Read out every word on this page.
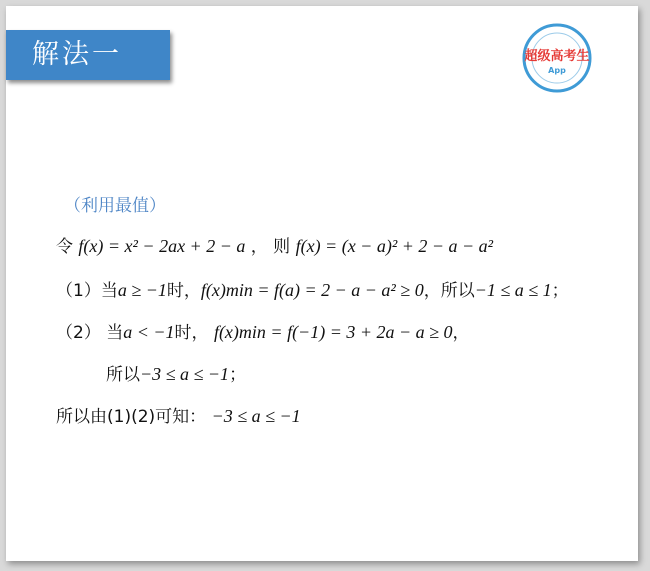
解法一	超级高考生
App
（利用最值）
令 f(x) = x² − 2ax + 2 − a ， 则 f(x) = (x − a)² + 2 − a − a²
（1）当a ≥ −1时，f(x)min = f(a) = 2 − a − a² ≥ 0，所以−1 ≤ a ≤ 1；
（2） 当a < −1时， f(x)min = f(−1) = 3 + 2a − a ≥ 0，
所以−3 ≤ a ≤ −1；
所以由(1)(2)可知： −3 ≤ a ≤ −1
